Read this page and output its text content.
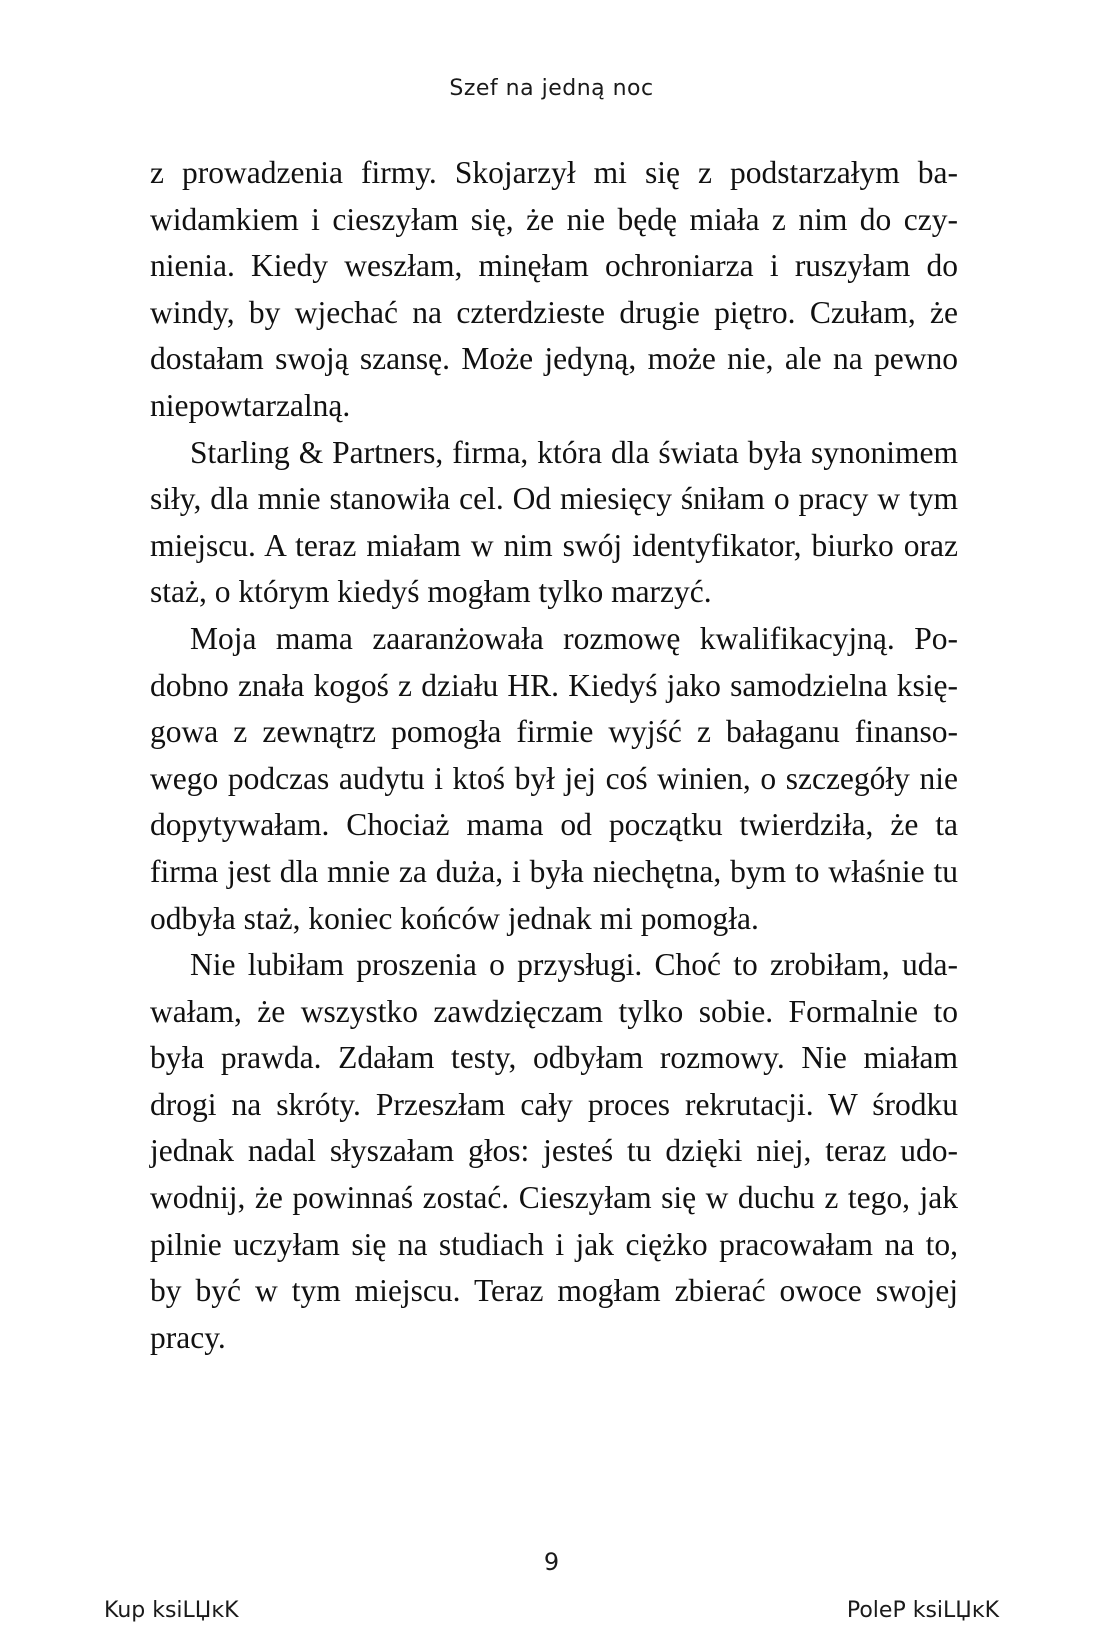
Szef na jedną noc

z prowadzenia firmy. Skojarzył mi się z podstarzałym bawidamkiem i cieszyłam się, że nie będę miała z nim do czynienia. Kiedy weszłam, minęłam ochroniarza i ruszyłam do windy, by wjechać na czterdzieste drugie piętro. Czułam, że dostałam swoją szansę. Może jedyną, może nie, ale na pewno niepowtarzalną.

Starling & Partners, firma, która dla świata była synonimem siły, dla mnie stanowiła cel. Od miesięcy śniłam o pracy w tym miejscu. A teraz miałam w nim swój identyfikator, biurko oraz staż, o którym kiedyś mogłam tylko marzyć.

Moja mama zaaranżowała rozmowę kwalifikacyjną. Podobno znała kogoś z działu HR. Kiedyś jako samodzielna księgowa z zewnątrz pomogła firmie wyjść z bałaganu finansowego podczas audytu i ktoś był jej coś winien, o szczegóły nie dopytywałam. Chociaż mama od początku twierdziła, że ta firma jest dla mnie za duża, i była niechętna, bym to właśnie tu odbyła staż, koniec końców jednak mi pomogła.

Nie lubiłam proszenia o przysługi. Choć to zrobiłam, udawałam, że wszystko zawdzięczam tylko sobie. Formalnie to była prawda. Zdałam testy, odbyłam rozmowy. Nie miałam drogi na skróty. Przeszłam cały proces rekrutacji. W środku jednak nadal słyszałam głos: jesteś tu dzięki niej, teraz udowodnij, że powinnaś zostać. Cieszyłam się w duchu z tego, jak pilnie uczyłam się na studiach i jak ciężko pracowałam na to, by być w tym miejscu. Teraz mogłam zbierać owoce swojej pracy.

9
Kup ksiLЏĸK	PoleP ksiLЏĸK
